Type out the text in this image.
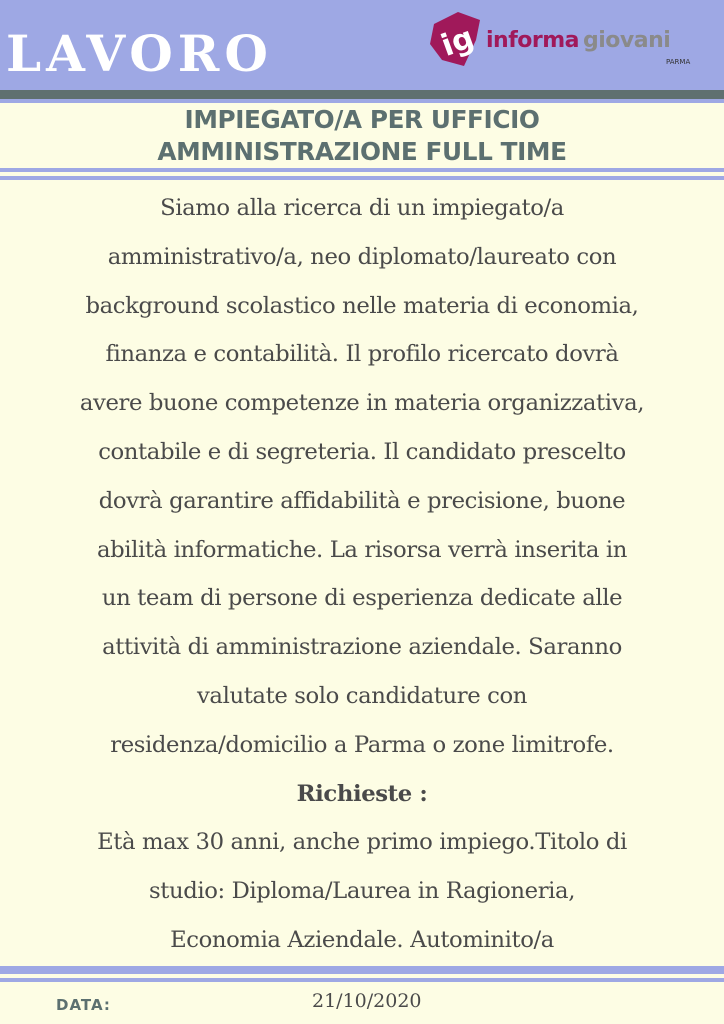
LAVORO	ig informa giovani
PARMA
IMPIEGATO/A PER UFFICIO
AMMINISTRAZIONE FULL TIME
Siamo alla ricerca di un impiegato/a
amministrativo/a, neo diplomato/laureato con
background scolastico nelle materia di economia,
finanza e contabilità. Il profilo ricercato dovrà
avere buone competenze in materia organizzativa,
contabile e di segreteria. Il candidato prescelto
dovrà garantire affidabilità e precisione, buone
abilità informatiche. La risorsa verrà inserita in
un team di persone di esperienza dedicate alle
attività di amministrazione aziendale. Saranno
valutate solo candidature con
residenza/domicilio a Parma o zone limitrofe.
Richieste :
Età max 30 anni, anche primo impiego.Titolo di
studio: Diploma/Laurea in Ragioneria,
Economia Aziendale. Autominito/a
DATA:	21/10/2020
